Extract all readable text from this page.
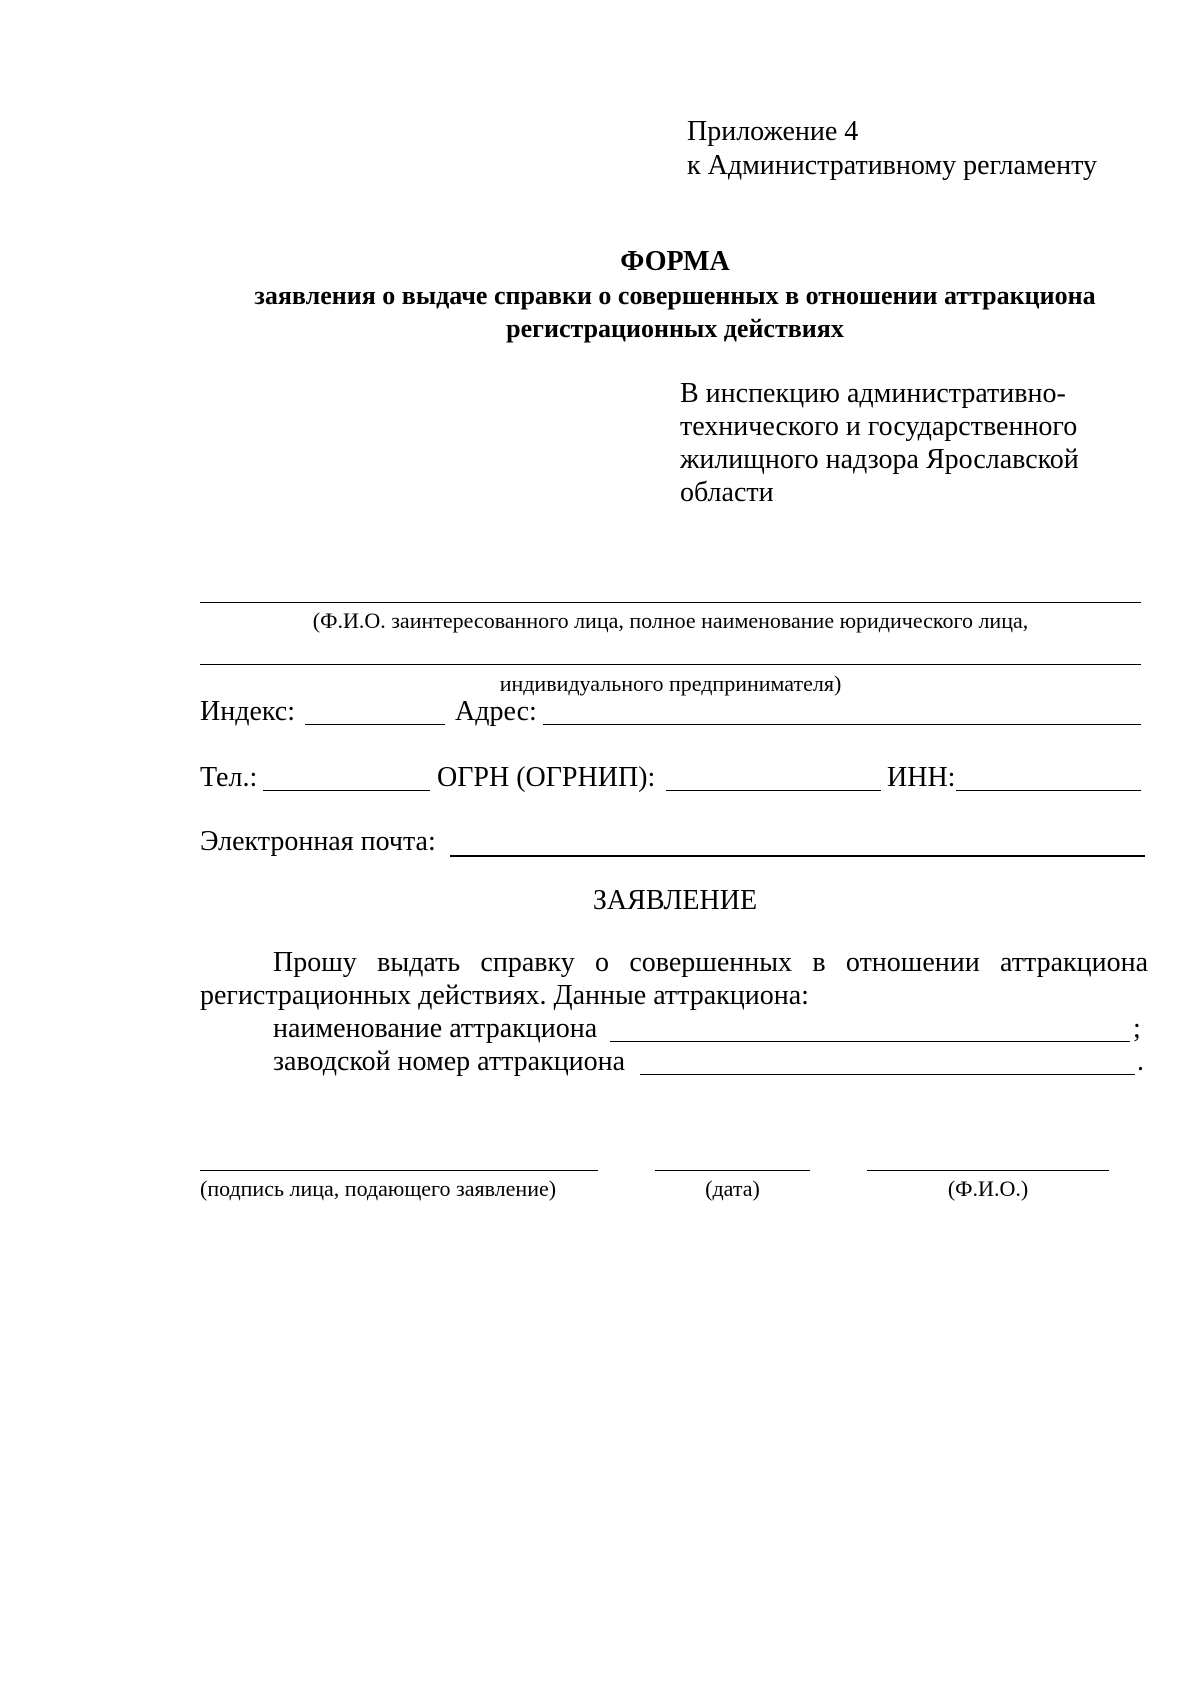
Приложение 4
к Административному регламенту
ФОРМА
заявления о выдаче справки о совершенных в отношении аттракциона
регистрационных действиях
В инспекцию административно-
технического и государственного
жилищного надзора Ярославской
области
(Ф.И.О. заинтересованного лица, полное наименование юридического лица,
индивидуального предпринимателя)
Индекс:	Адрес:
Тел.:	ОГРН (ОГРНИП):	ИНН:
Электронная почта:
ЗАЯВЛЕНИЕ
Прошу выдать справку о совершенных в отношении аттракциона
регистрационных действиях. Данные аттракциона:
наименование аттракциона	;
заводской номер аттракциона	.
(подпись лица, подающего заявление)	(дата)	(Ф.И.О.)
